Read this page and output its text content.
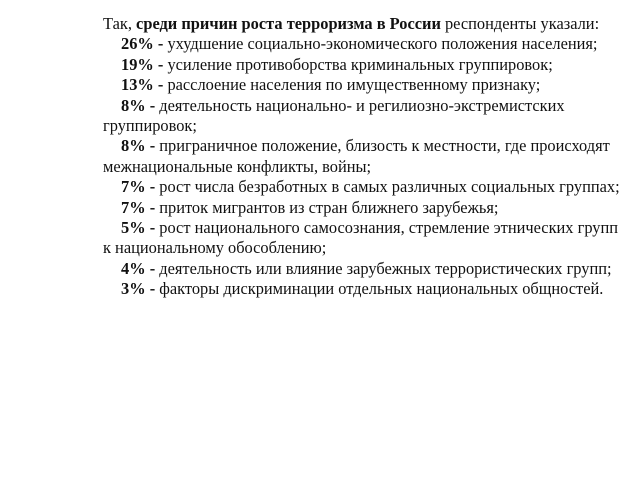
Так, среди причин роста терроризма в России респонденты указали:

26% - ухудшение социально-экономического положения населения;

19% - усиление противоборства криминальных группировок;

13% - расслоение населения по имущественному признаку;

8% - деятельность национально- и регилиозно-экстремистских группировок;

8% - приграничное положение, близость к местности, где происходят межнациональные конфликты, войны;

7% - рост числа безработных в самых различных социальных группах;

7% - приток мигрантов из стран ближнего зарубежья;

5% - рост национального самосознания, стремление этнических групп к национальному обособлению;

4% - деятельность или влияние зарубежных террористических групп;

3% - факторы дискриминации отдельных национальных общностей.
